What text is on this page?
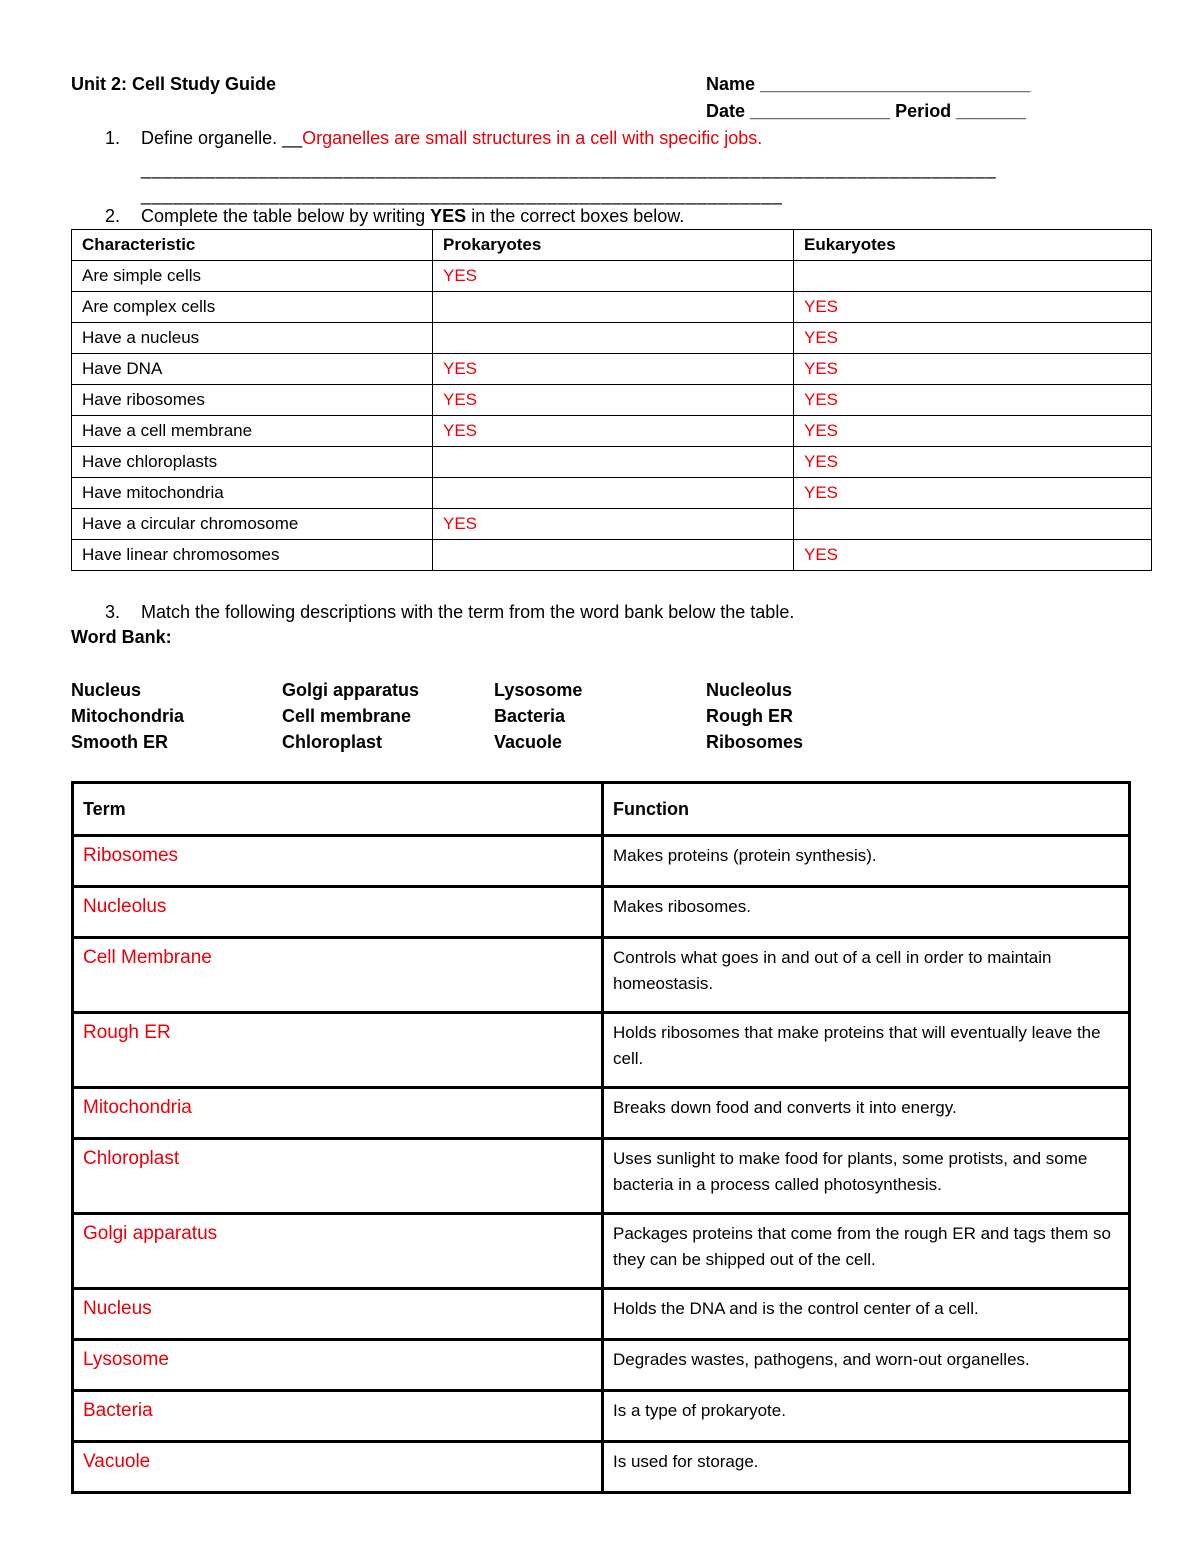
Unit 2: Cell Study Guide	Name ___________________________
Date ______________ Period _______
1. Define organelle. __Organelles are small structures in a cell with specific jobs.
________________________________________________________________________________
____________________________________________________________
2. Complete the table below by writing YES in the correct boxes below.
Characteristic	Prokaryotes	Eukaryotes
Are simple cells	YES	
Are complex cells		YES
Have a nucleus		YES
Have DNA	YES	YES
Have ribosomes	YES	YES
Have a cell membrane	YES	YES
Have chloroplasts		YES
Have mitochondria		YES
Have a circular chromosome	YES	
Have linear chromosomes		YES
3. Match the following descriptions with the term from the word bank below the table.
Word Bank:
Nucleus	Golgi apparatus	Lysosome	Nucleolus
Mitochondria	Cell membrane	Bacteria	Rough ER
Smooth ER	Chloroplast	Vacuole	Ribosomes
Term	Function
Ribosomes	Makes proteins (protein synthesis).
Nucleolus	Makes ribosomes.
Cell Membrane	Controls what goes in and out of a cell in order to maintain homeostasis.
Rough ER	Holds ribosomes that make proteins that will eventually leave the cell.
Mitochondria	Breaks down food and converts it into energy.
Chloroplast	Uses sunlight to make food for plants, some protists, and some bacteria in a process called photosynthesis.
Golgi apparatus	Packages proteins that come from the rough ER and tags them so they can be shipped out of the cell.
Nucleus	Holds the DNA and is the control center of a cell.
Lysosome	Degrades wastes, pathogens, and worn-out organelles.
Bacteria	Is a type of prokaryote.
Vacuole	Is used for storage.
